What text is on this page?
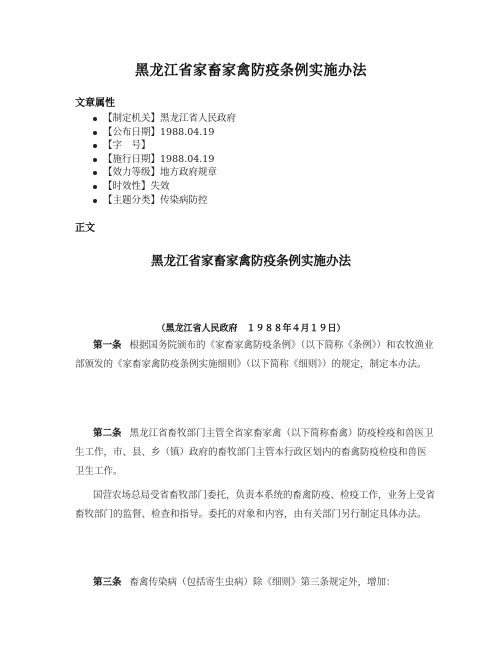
黑龙江省家畜家禽防疫条例实施办法
文章属性
【制定机关】黑龙江省人民政府
【公布日期】1988.04.19
【字　号】
【施行日期】1988.04.19
【效力等级】地方政府规章
【时效性】失效
【主题分类】传染病防控
正文
黑龙江省家畜家禽防疫条例实施办法
（黑龙江省人民政府　１９８８年４月１９日）

第一条 根据国务院颁布的《家畜家禽防疫条例》（以下简称《条例》）和农牧渔业部颁发的《家畜家禽防疫条例实施细则》（以下简称《细则》）的规定，制定本办法。

第二条 黑龙江省畜牧部门主管全省家畜家禽（以下简称畜禽）防疫检疫和兽医卫生工作，市、县、乡（镇）政府的畜牧部门主管本行政区划内的畜禽防疫检疫和兽医卫生工作。

国营农场总局受省畜牧部门委托，负责本系统的畜禽防疫、检疫工作，业务上受省畜牧部门的监督、检查和指导。委托的对象和内容，由有关部门另行制定具体办法。

第三条 畜禽传染病（包括寄生虫病）除《细则》第三条规定外，增加：
